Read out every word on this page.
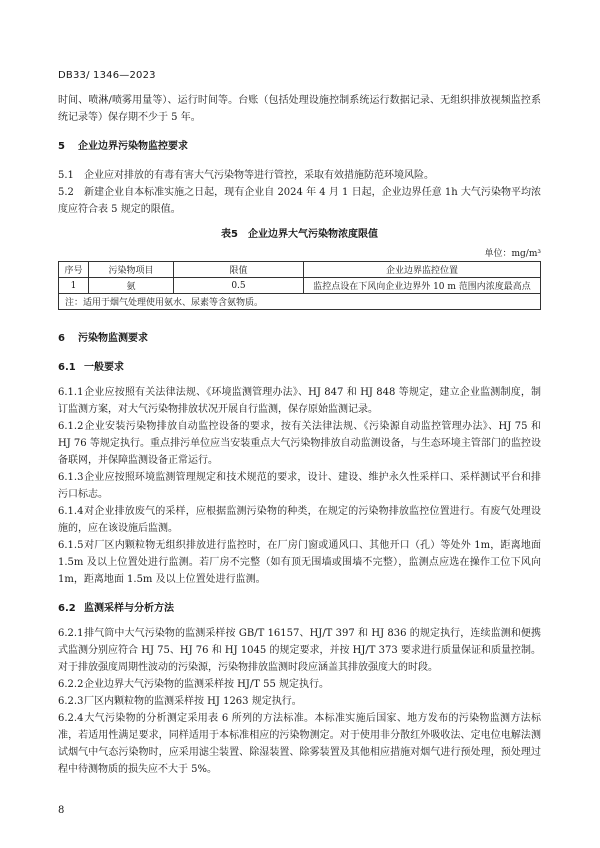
DB33/ 1346—2023

时间、喷淋/喷雾用量等）、运行时间等。台账（包括处理设施控制系统运行数据记录、无组织排放视频监控系统记录等）保存期不少于 5 年。

5 企业边界污染物监控要求

5.1 企业应对排放的有毒有害大气污染物等进行管控，采取有效措施防范环境风险。

5.2 新建企业自本标准实施之日起，现有企业自 2024 年 4 月 1 日起，企业边界任意 1h 大气污染物平均浓度应符合表 5 规定的限值。

表5　企业边界大气污染物浓度限值
单位：mg/m³
序号	污染物项目	限值	企业边界监控位置
1	氨	0.5	监控点设在下风向企业边界外 10 m 范围内浓度最高点
注：适用于烟气处理使用氨水、尿素等含氨物质。			
6 污染物监测要求
6.1 一般要求

6.1.1企业应按照有关法律法规、《环境监测管理办法》、HJ 847 和 HJ 848 等规定，建立企业监测制度，制订监测方案，对大气污染物排放状况开展自行监测，保存原始监测记录。

6.1.2企业安装污染物排放自动监控设备的要求，按有关法律法规、《污染源自动监控管理办法》、HJ 75 和 HJ 76 等规定执行。重点排污单位应当安装重点大气污染物排放自动监测设备，与生态环境主管部门的监控设备联网，并保障监测设备正常运行。

6.1.3企业应按照环境监测管理规定和技术规范的要求，设计、建设、维护永久性采样口、采样测试平台和排污口标志。

6.1.4对企业排放废气的采样，应根据监测污染物的种类，在规定的污染物排放监控位置进行。有废气处理设施的，应在该设施后监测。

6.1.5对厂区内颗粒物无组织排放进行监控时，在厂房门窗或通风口、其他开口（孔）等处外 1m，距离地面 1.5m 及以上位置处进行监测。若厂房不完整（如有顶无围墙或围墙不完整），监测点应选在操作工位下风向 1m，距离地面 1.5m 及以上位置处进行监测。

6.2 监测采样与分析方法

6.2.1排气筒中大气污染物的监测采样按 GB/T 16157、HJ/T 397 和 HJ 836 的规定执行，连续监测和便携式监测分别应符合 HJ 75、HJ 76 和 HJ 1045 的规定要求，并按 HJ/T 373 要求进行质量保证和质量控制。对于排放强度周期性波动的污染源，污染物排放监测时段应涵盖其排放强度大的时段。

6.2.2企业边界大气污染物的监测采样按 HJ/T 55 规定执行。

6.2.3厂区内颗粒物的监测采样按 HJ 1263 规定执行。

6.2.4大气污染物的分析测定采用表 6 所列的方法标准。本标准实施后国家、地方发布的污染物监测方法标准，若适用性满足要求，同样适用于本标准相应的污染物测定。对于使用非分散红外吸收法、定电位电解法测试烟气中气态污染物时，应采用滤尘装置、除湿装置、除雾装置及其他相应措施对烟气进行预处理，预处理过程中待测物质的损失应不大于 5%。

8
